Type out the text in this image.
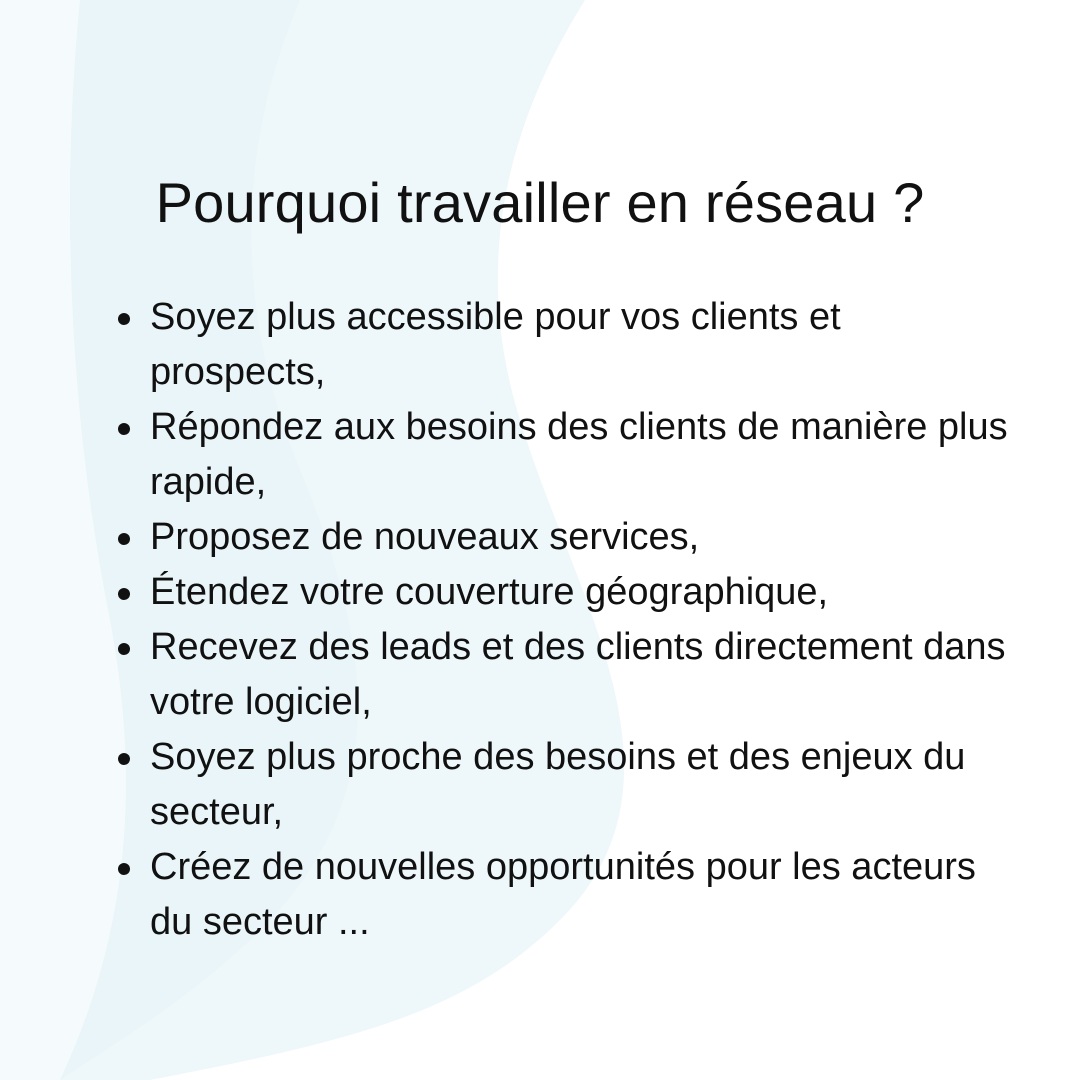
Pourquoi travailler en réseau ?
Soyez plus accessible pour vos clients et prospects,
Répondez aux besoins des clients de manière plus rapide,
Proposez de nouveaux services,
Étendez votre couverture géographique,
Recevez des leads et des clients directement dans votre logiciel,
Soyez plus proche des besoins et des enjeux du secteur,
Créez de nouvelles opportunités pour les acteurs du secteur ...
